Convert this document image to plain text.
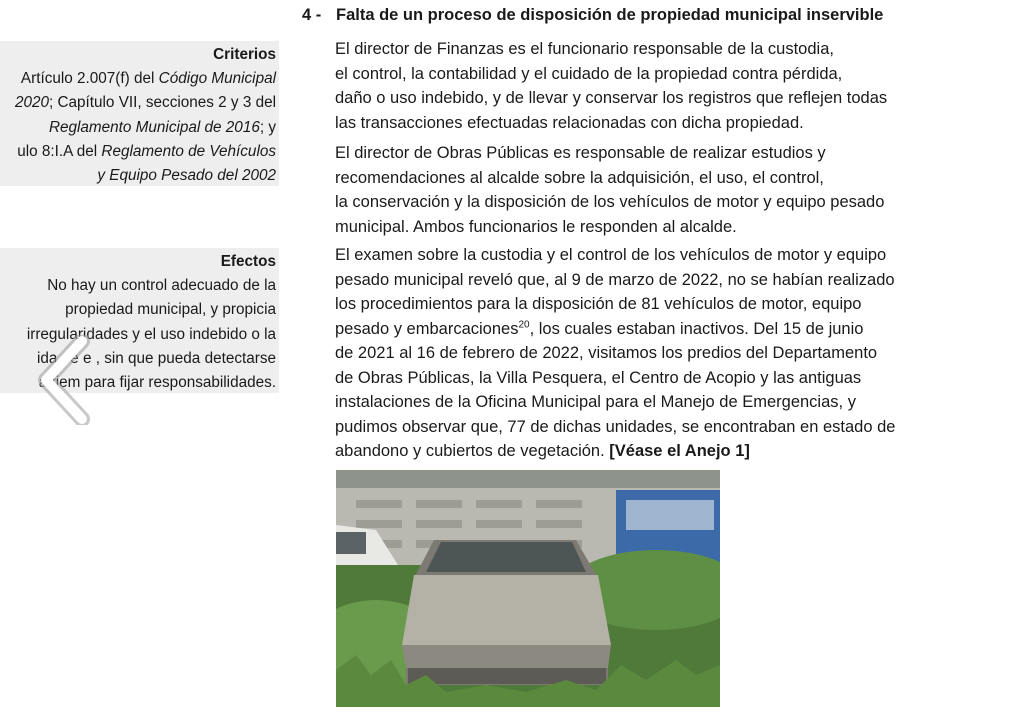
Criterios
Artículo 2.007(f) del Código Municipal
2020; Capítulo VII, secciones 2 y 3 del
Reglamento Municipal de 2016; y
ulo 8:I.A del Reglamento de Vehículos
y Equipo Pesado del 2002
Efectos
No hay un control adecuado de la
propiedad municipal, y propicia
irregularidades y el uso indebido o la
ida de e , sin que pueda detectarse
a tiem para fijar responsabilidades.
4 - Falta de un proceso de disposición de propiedad municipal inservible
El director de Finanzas es el funcionario responsable de la custodia,
el control, la contabilidad y el cuidado de la propiedad contra pérdida,
daño o uso indebido, y de llevar y conservar los registros que reflejen todas
las transacciones efectuadas relacionadas con dicha propiedad.
El director de Obras Públicas es responsable de realizar estudios y
recomendaciones al alcalde sobre la adquisición, el uso, el control,
la conservación y la disposición de los vehículos de motor y equipo pesado
municipal. Ambos funcionarios le responden al alcalde.
El examen sobre la custodia y el control de los vehículos de motor y equipo
pesado municipal reveló que, al 9 de marzo de 2022, no se habían realizado
los procedimientos para la disposición de 81 vehículos de motor, equipo
pesado y embarcaciones$^{20}$, los cuales estaban inactivos. Del 15 de junio
de 2021 al 16 de febrero de 2022, visitamos los predios del Departamento
de Obras Públicas, la Villa Pesquera, el Centro de Acopio y las antiguas
instalaciones de la Oficina Municipal para el Manejo de Emergencias, y
pudimos observar que, 77 de dichas unidades, se encontraban en estado de
abandono y cubiertos de vegetación. [Véase el Anejo 1]
